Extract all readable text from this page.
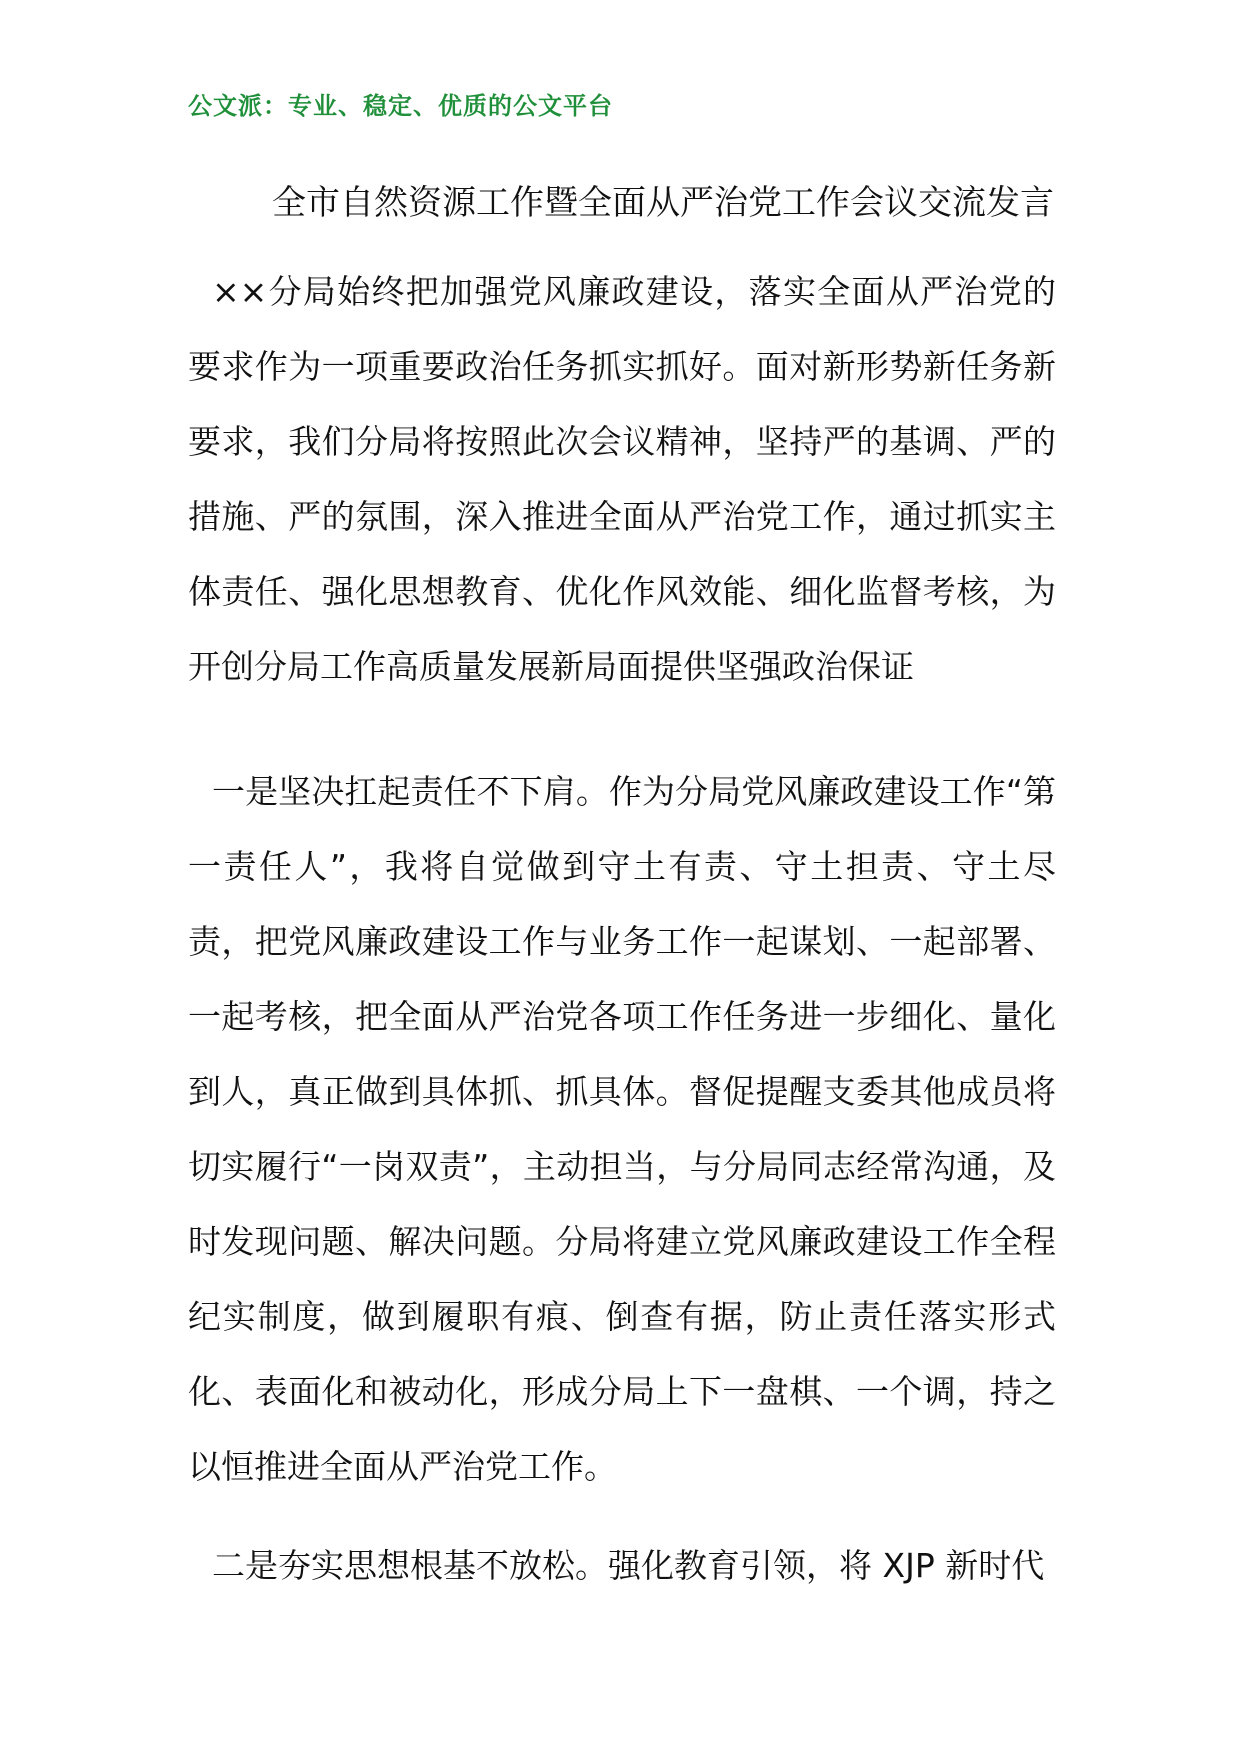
公文派：专业、稳定、优质的公文平台
全市自然资源工作暨全面从严治党工作会议交流发言

××分局始终把加强党风廉政建设，落实全面从严治党的要求作为一项重要政治任务抓实抓好。面对新形势新任务新要求，我们分局将按照此次会议精神，坚持严的基调、严的措施、严的氛围，深入推进全面从严治党工作，通过抓实主体责任、强化思想教育、优化作风效能、细化监督考核，为开创分局工作高质量发展新局面提供坚强政治保证

一是坚决扛起责任不下肩。作为分局党风廉政建设工作“第一责任人”，我将自觉做到守土有责、守土担责、守土尽责，把党风廉政建设工作与业务工作一起谋划、一起部署、一起考核，把全面从严治党各项工作任务进一步细化、量化到人，真正做到具体抓、抓具体。督促提醒支委其他成员将切实履行“一岗双责”，主动担当，与分局同志经常沟通，及时发现问题、解决问题。分局将建立党风廉政建设工作全程纪实制度，做到履职有痕、倒查有据，防止责任落实形式化、表面化和被动化，形成分局上下一盘棋、一个调，持之以恒推进全面从严治党工作。

二是夯实思想根基不放松。强化教育引领，将 XJP 新时代
